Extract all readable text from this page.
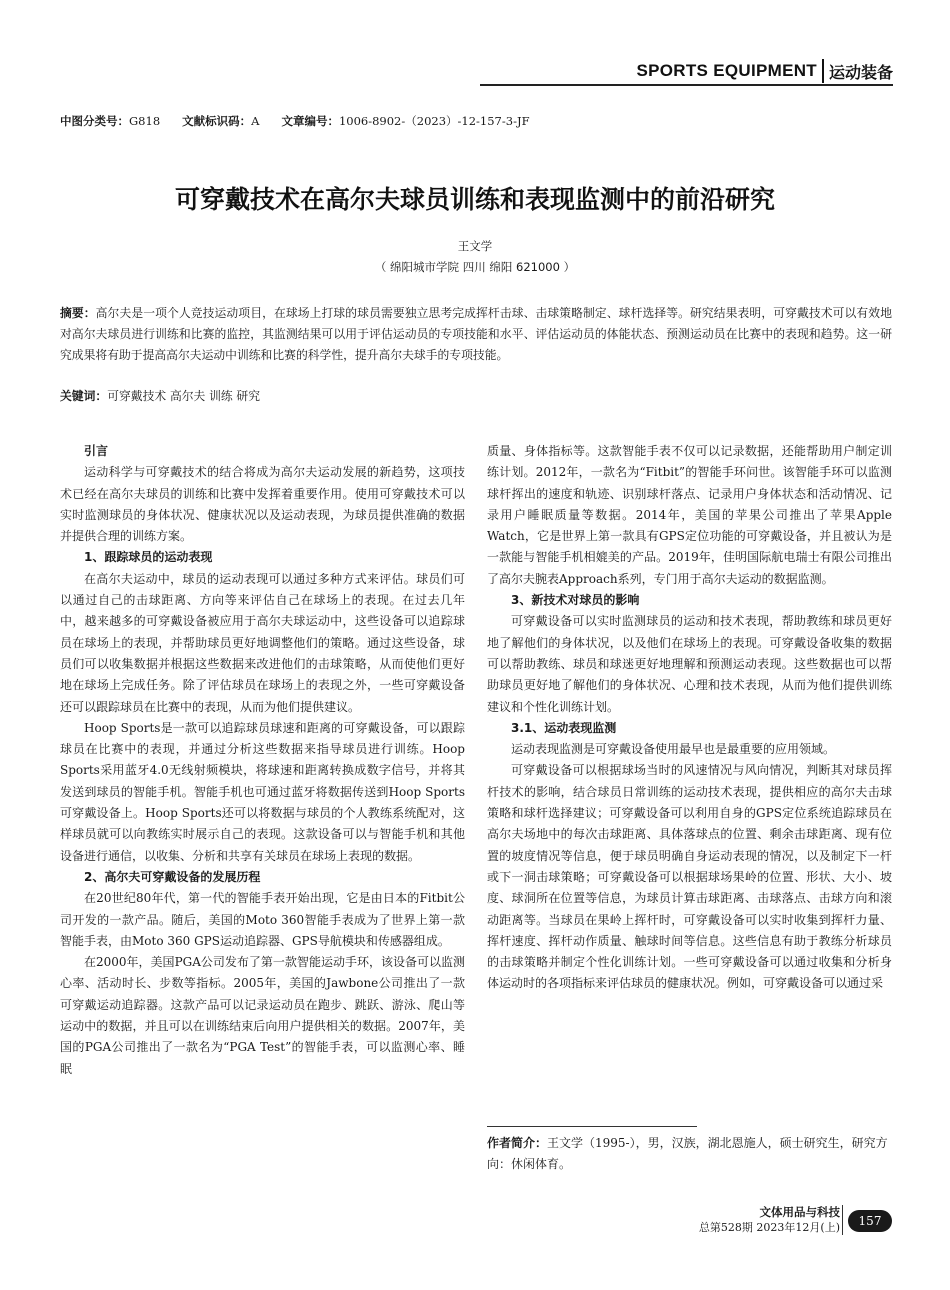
SPORTS EQUIPMENT 运动装备
中图分类号：G818 文献标识码：A 文章编号：1006-8902-（2023）-12-157-3-JF
可穿戴技术在高尔夫球员训练和表现监测中的前沿研究
王文学
（ 绵阳城市学院 四川 绵阳 621000 ）
摘要：高尔夫是一项个人竞技运动项目，在球场上打球的球员需要独立思考完成挥杆击球、击球策略制定、球杆选择等。研究结果表明，可穿戴技术可以有效地对高尔夫球员进行训练和比赛的监控，其监测结果可以用于评估运动员的专项技能和水平、评估运动员的体能状态、预测运动员在比赛中的表现和趋势。这一研究成果将有助于提高高尔夫运动中训练和比赛的科学性，提升高尔夫球手的专项技能。
关键词：可穿戴技术 高尔夫 训练 研究
引言

运动科学与可穿戴技术的结合将成为高尔夫运动发展的新趋势，这项技术已经在高尔夫球员的训练和比赛中发挥着重要作用。使用可穿戴技术可以实时监测球员的身体状况、健康状况以及运动表现，为球员提供准确的数据并提供合理的训练方案。

1、跟踪球员的运动表现

在高尔夫运动中，球员的运动表现可以通过多种方式来评估。球员们可以通过自己的击球距离、方向等来评估自己在球场上的表现。在过去几年中，越来越多的可穿戴设备被应用于高尔夫球运动中，这些设备可以追踪球员在球场上的表现，并帮助球员更好地调整他们的策略。通过这些设备，球员们可以收集数据并根据这些数据来改进他们的击球策略，从而使他们更好地在球场上完成任务。除了评估球员在球场上的表现之外，一些可穿戴设备还可以跟踪球员在比赛中的表现，从而为他们提供建议。

Hoop Sports是一款可以追踪球员球速和距离的可穿戴设备，可以跟踪球员在比赛中的表现，并通过分析这些数据来指导球员进行训练。Hoop Sports采用蓝牙4.0无线射频模块，将球速和距离转换成数字信号，并将其发送到球员的智能手机。智能手机也可通过蓝牙将数据传送到Hoop Sports可穿戴设备上。Hoop Sports还可以将数据与球员的个人教练系统配对，这样球员就可以向教练实时展示自己的表现。这款设备可以与智能手机和其他设备进行通信，以收集、分析和共享有关球员在球场上表现的数据。

2、高尔夫可穿戴设备的发展历程

在20世纪80年代，第一代的智能手表开始出现，它是由日本的Fitbit公司开发的一款产品。随后，美国的Moto 360智能手表成为了世界上第一款智能手表，由Moto 360 GPS运动追踪器、GPS导航模块和传感器组成。

在2000年，美国PGA公司发布了第一款智能运动手环，该设备可以监测心率、活动时长、步数等指标。2005年，美国的Jawbone公司推出了一款可穿戴运动追踪器。这款产品可以记录运动员在跑步、跳跃、游泳、爬山等运动中的数据，并且可以在训练结束后向用户提供相关的数据。2007年，美国的PGA公司推出了一款名为“PGA Test”的智能手表，可以监测心率、睡眠

质量、身体指标等。这款智能手表不仅可以记录数据，还能帮助用户制定训练计划。2012年，一款名为“Fitbit”的智能手环问世。该智能手环可以监测球杆挥出的速度和轨迹、识别球杆落点、记录用户身体状态和活动情况、记录用户睡眠质量等数据。2014年，美国的苹果公司推出了苹果Apple Watch，它是世界上第一款具有GPS定位功能的可穿戴设备，并且被认为是一款能与智能手机相媲美的产品。2019年，佳明国际航电瑞士有限公司推出了高尔夫腕表Approach系列，专门用于高尔夫运动的数据监测。

3、新技术对球员的影响

可穿戴设备可以实时监测球员的运动和技术表现，帮助教练和球员更好地了解他们的身体状况，以及他们在球场上的表现。可穿戴设备收集的数据可以帮助教练、球员和球迷更好地理解和预测运动表现。这些数据也可以帮助球员更好地了解他们的身体状况、心理和技术表现，从而为他们提供训练建议和个性化训练计划。

3.1、运动表现监测

运动表现监测是可穿戴设备使用最早也是最重要的应用领域。

可穿戴设备可以根据球场当时的风速情况与风向情况，判断其对球员挥杆技术的影响，结合球员日常训练的运动技术表现，提供相应的高尔夫击球策略和球杆选择建议；可穿戴设备可以利用自身的GPS定位系统追踪球员在高尔夫场地中的每次击球距离、具体落球点的位置、剩余击球距离、现有位置的坡度情况等信息，便于球员明确自身运动表现的情况，以及制定下一杆或下一洞击球策略；可穿戴设备可以根据球场果岭的位置、形状、大小、坡度、球洞所在位置等信息，为球员计算击球距离、击球落点、击球方向和滚动距离等。当球员在果岭上挥杆时，可穿戴设备可以实时收集到挥杆力量、挥杆速度、挥杆动作质量、触球时间等信息。这些信息有助于教练分析球员的击球策略并制定个性化训练计划。一些可穿戴设备可以通过收集和分析身体运动时的各项指标来评估球员的健康状况。例如，可穿戴设备可以通过采

作者简介：王文学（1995-），男，汉族，湖北恩施人，硕士研究生，研究方向：休闲体育。
文体用品与科技
总第528期 2023年12月(上)	157
